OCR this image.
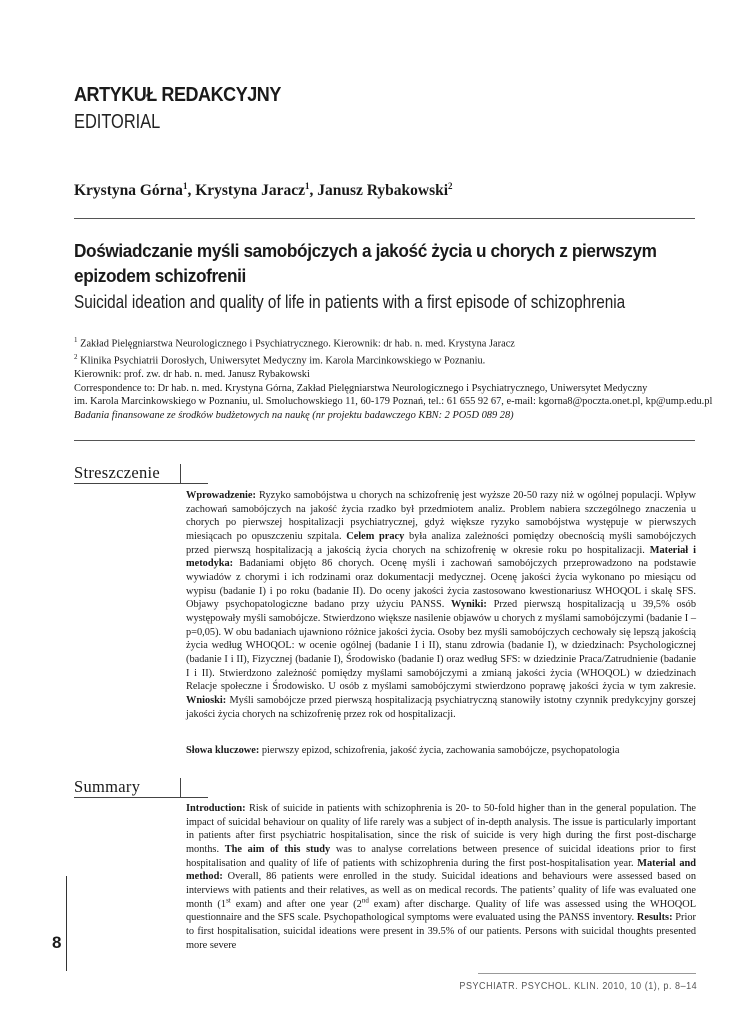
ARTYKUŁ REDAKCYJNY
EDITORIAL
Krystyna Górna$^1$, Krystyna Jaracz$^1$, Janusz Rybakowski$^2$
Doświadczanie myśli samobójczych a jakość życia u chorych z pierwszym
epizodem schizofrenii
Suicidal ideation and quality of life in patients with a first episode of schizophrenia
$^1$ Zakład Pielęgniarstwa Neurologicznego i Psychiatrycznego. Kierownik: dr hab. n. med. Krystyna Jaracz
$^2$ Klinika Psychiatrii Dorosłych, Uniwersytet Medyczny im. Karola Marcinkowskiego w Poznaniu.
Kierownik: prof. zw. dr hab. n. med. Janusz Rybakowski
Correspondence to: Dr hab. n. med. Krystyna Górna, Zakład Pielęgniarstwa Neurologicznego i Psychiatrycznego, Uniwersytet Medyczny
im. Karola Marcinkowskiego w Poznaniu, ul. Smoluchowskiego 11, 60-179 Poznań, tel.: 61 655 92 67, e-mail: kgorna8@poczta.onet.pl, kp@ump.edu.pl
Badania finansowane ze środków budżetowych na naukę (nr projektu badawczego KBN: 2 PO5D 089 28)
Streszczenie
Wprowadzenie: Ryzyko samobójstwa u chorych na schizofrenię jest wyższe 20-50 razy niż w ogólnej populacji. Wpływ zachowań samobójczych na jakość życia rzadko był przedmiotem analiz. Problem nabiera szczególnego znaczenia u chorych po pierwszej hospitalizacji psychiatrycznej, gdyż większe ryzyko samobójstwa występuje w pierwszych miesiącach po opuszczeniu szpitala. Celem pracy była analiza zależności pomiędzy obecnością myśli samobójczych przed pierwszą hospitalizacją a jakością życia chorych na schizofrenię w okresie roku po hospitalizacji. Materiał i metodyka: Badaniami objęto 86 chorych. Ocenę myśli i zachowań samobójczych przeprowadzono na podstawie wywiadów z chorymi i ich rodzinami oraz dokumentacji medycznej. Ocenę jakości życia wykonano po miesiącu od wypisu (badanie I) i po roku (badanie II). Do oceny jakości życia zastosowano kwestionariusz WHOQOL i skalę SFS. Objawy psychopatologiczne badano przy użyciu PANSS. Wyniki: Przed pierwszą hospitalizacją u 39,5% osób występowały myśli samobójcze. Stwierdzono większe nasilenie objawów u chorych z myślami samobójczymi (badanie I – p=0,05). W obu badaniach ujawniono różnice jakości życia. Osoby bez myśli samobójczych cechowały się lepszą jakością życia według WHOQOL: w ocenie ogólnej (badanie I i II), stanu zdrowia (badanie I), w dziedzinach: Psychologicznej (badanie I i II), Fizycznej (badanie I), Środowisko (badanie I) oraz według SFS: w dziedzinie Praca/Zatrudnienie (badanie I i II). Stwierdzono zależność pomiędzy myślami samobójczymi a zmianą jakości życia (WHOQOL) w dziedzinach Relacje społeczne i Środowisko. U osób z myślami samobójczymi stwierdzono poprawę jakości życia w tym zakresie. Wnioski: Myśli samobójcze przed pierwszą hospitalizacją psychiatryczną stanowiły istotny czynnik predykcyjny gorszej jakości życia chorych na schizofrenię przez rok od hospitalizacji.
Słowa kluczowe: pierwszy epizod, schizofrenia, jakość życia, zachowania samobójcze, psychopatologia
Summary
Introduction: Risk of suicide in patients with schizophrenia is 20- to 50-fold higher than in the general population. The impact of suicidal behaviour on quality of life rarely was a subject of in-depth analysis. The issue is particularly important in patients after first psychiatric hospitalisation, since the risk of suicide is very high during the first post-discharge months. The aim of this study was to analyse correlations between presence of suicidal ideations prior to first hospitalisation and quality of life of patients with schizophrenia during the first post-hospitalisation year. Material and method: Overall, 86 patients were enrolled in the study. Suicidal ideations and behaviours were assessed based on interviews with patients and their relatives, as well as on medical records. The patients’ quality of life was evaluated one month (1st exam) and after one year (2nd exam) after discharge. Quality of life was assessed using the WHOQOL questionnaire and the SFS scale. Psychopathological symptoms were evaluated using the PANSS inventory. Results: Prior to first hospitalisation, suicidal ideations were present in 39.5% of our patients. Persons with suicidal thoughts presented more severe
8
PSYCHIATR. PSYCHOL. KLIN. 2010, 10 (1), p. 8–14
